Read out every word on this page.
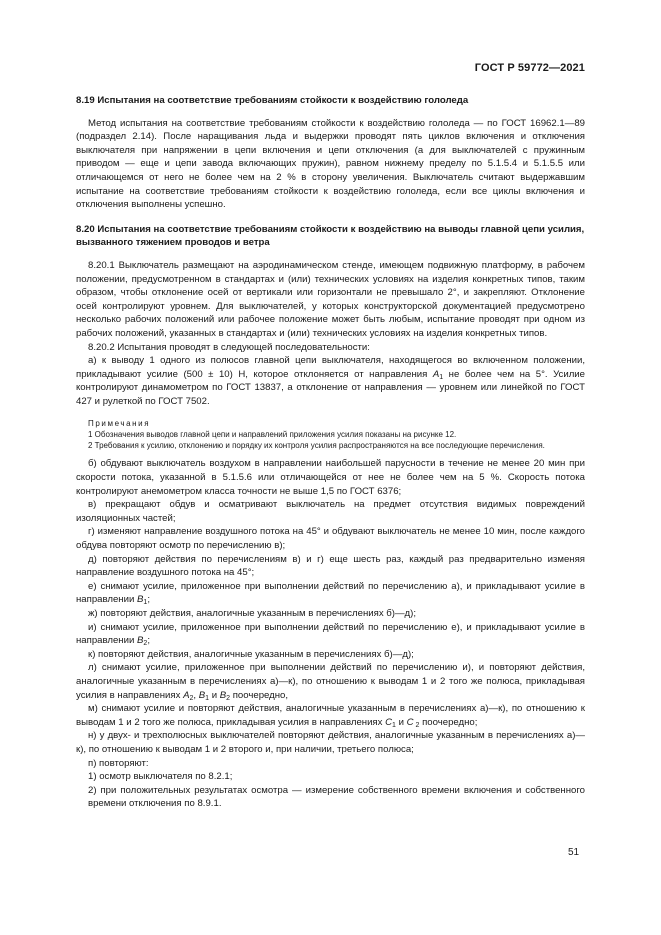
ГОСТ Р 59772—2021
8.19 Испытания на соответствие требованиям стойкости к воздействию гололеда

Метод испытания на соответствие требованиям стойкости к воздействию гололеда — по ГОСТ 16962.1—89 (подраздел 2.14). После наращивания льда и выдержки проводят пять циклов включения и отключения выключателя при напряжении в цепи включения и цепи отключения (а для выключателей с пружинным приводом — еще и цепи завода включающих пружин), равном нижнему пределу по 5.1.5.4 и 5.1.5.5 или отличающемся от него не более чем на 2 % в сторону увеличения. Выключатель считают выдержавшим испытание на соответствие требованиям стойкости к воздействию гололеда, если все циклы включения и отключения выполнены успешно.

8.20 Испытания на соответствие требованиям стойкости к воздействию на выводы главной цепи усилия, вызванного тяжением проводов и ветра

8.20.1 Выключатель размещают на аэродинамическом стенде, имеющем подвижную платформу, в рабочем положении, предусмотренном в стандартах и (или) технических условиях на изделия конкретных типов, таким образом, чтобы отклонение осей от вертикали или горизонтали не превышало 2°, и закрепляют. Отклонение осей контролируют уровнем. Для выключателей, у которых конструкторской документацией предусмотрено несколько рабочих положений или рабочее положение может быть любым, испытание проводят при одном из рабочих положений, указанных в стандартах и (или) технических условиях на изделия конкретных типов.

8.20.2 Испытания проводят в следующей последовательности:

а) к выводу 1 одного из полюсов главной цепи выключателя, находящегося во включенном положении, прикладывают усилие (500 ± 10) Н, которое отклоняется от направления $A_1$ не более чем на 5°. Усилие контролируют динамометром по ГОСТ 13837, а отклонение от направления — уровнем или линейкой по ГОСТ 427 и рулеткой по ГОСТ 7502.

Примечания

1 Обозначения выводов главной цепи и направлений приложения усилия показаны на рисунке 12.

2 Требования к усилию, отклонению и порядку их контроля усилия распространяются на все последующие перечисления.

б) обдувают выключатель воздухом в направлении наибольшей парусности в течение не менее 20 мин при скорости потока, указанной в 5.1.5.6 или отличающейся от нее не более чем на 5 %. Скорость потока контролируют анемометром класса точности не выше 1,5 по ГОСТ 6376;

в) прекращают обдув и осматривают выключатель на предмет отсутствия видимых повреждений изоляционных частей;

г) изменяют направление воздушного потока на 45° и обдувают выключатель не менее 10 мин, после каждого обдува повторяют осмотр по перечислению в);

д) повторяют действия по перечислениям в) и г) еще шесть раз, каждый раз предварительно изменяя направление воздушного потока на 45°;

е) снимают усилие, приложенное при выполнении действий по перечислению а), и прикладывают усилие в направлении $B_1$;

ж) повторяют действия, аналогичные указанным в перечислениях б)—д);

и) снимают усилие, приложенное при выполнении действий по перечислению е), и прикладывают усилие в направлении $B_2$;

к) повторяют действия, аналогичные указанным в перечислениях б)—д);

л) снимают усилие, приложенное при выполнении действий по перечислению и), и повторяют действия, аналогичные указанным в перечислениях а)—к), по отношению к выводам 1 и 2 того же полюса, прикладывая усилия в направлениях $A_2$, $B_1$ и $B_2$ поочередно,

м) снимают усилие и повторяют действия, аналогичные указанным в перечислениях а)—к), по отношению к выводам 1 и 2 того же полюса, прикладывая усилия в направлениях $C_1$ и C $_2$ поочередно;

н) у двух- и трехполюсных выключателей повторяют действия, аналогичные указанным в перечислениях а)—к), по отношению к выводам 1 и 2 второго и, при наличии, третьего полюса;

п) повторяют:

1) осмотр выключателя по 8.2.1;

2) при положительных результатах осмотра — измерение собственного времени включения и собственного времени отключения по 8.9.1.

51
